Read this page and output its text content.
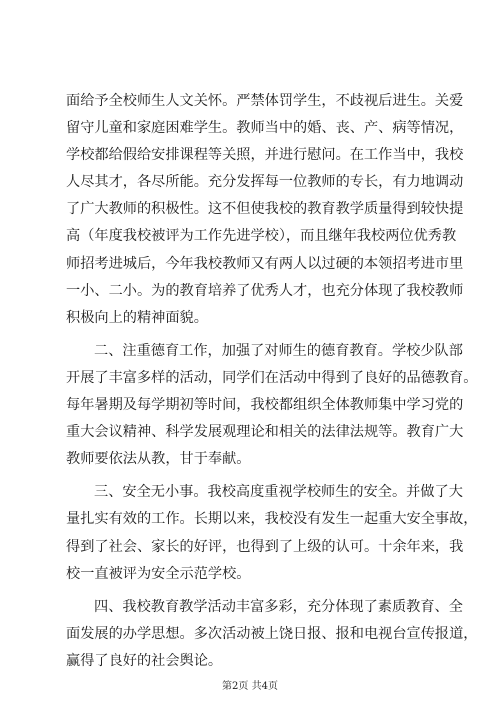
面给予全校师生人文关怀。严禁体罚学生，不歧视后进生。关爱
留守儿童和家庭困难学生。教师当中的婚、丧、产、病等情况，
学校都给假给安排课程等关照，并进行慰问。在工作当中，我校
人尽其才，各尽所能。充分发挥每一位教师的专长，有力地调动
了广大教师的积极性。这不但使我校的教育教学质量得到较快提
高（年度我校被评为工作先进学校），而且继年我校两位优秀教
师招考进城后，今年我校教师又有两人以过硬的本领招考进市里
一小、二小。为的教育培养了优秀人才，也充分体现了我校教师
积极向上的精神面貌。
二、注重德育工作，加强了对师生的德育教育。学校少队部
开展了丰富多样的活动，同学们在活动中得到了良好的品德教育。
每年暑期及每学期初等时间，我校都组织全体教师集中学习党的
重大会议精神、科学发展观理论和相关的法律法规等。教育广大
教师要依法从教，甘于奉献。
三、安全无小事。我校高度重视学校师生的安全。并做了大
量扎实有效的工作。长期以来，我校没有发生一起重大安全事故，
得到了社会、家长的好评，也得到了上级的认可。十余年来，我
校一直被评为安全示范学校。
四、我校教育教学活动丰富多彩，充分体现了素质教育、全
面发展的办学思想。多次活动被上饶日报、报和电视台宣传报道，
赢得了良好的社会舆论。
第2页 共4页
